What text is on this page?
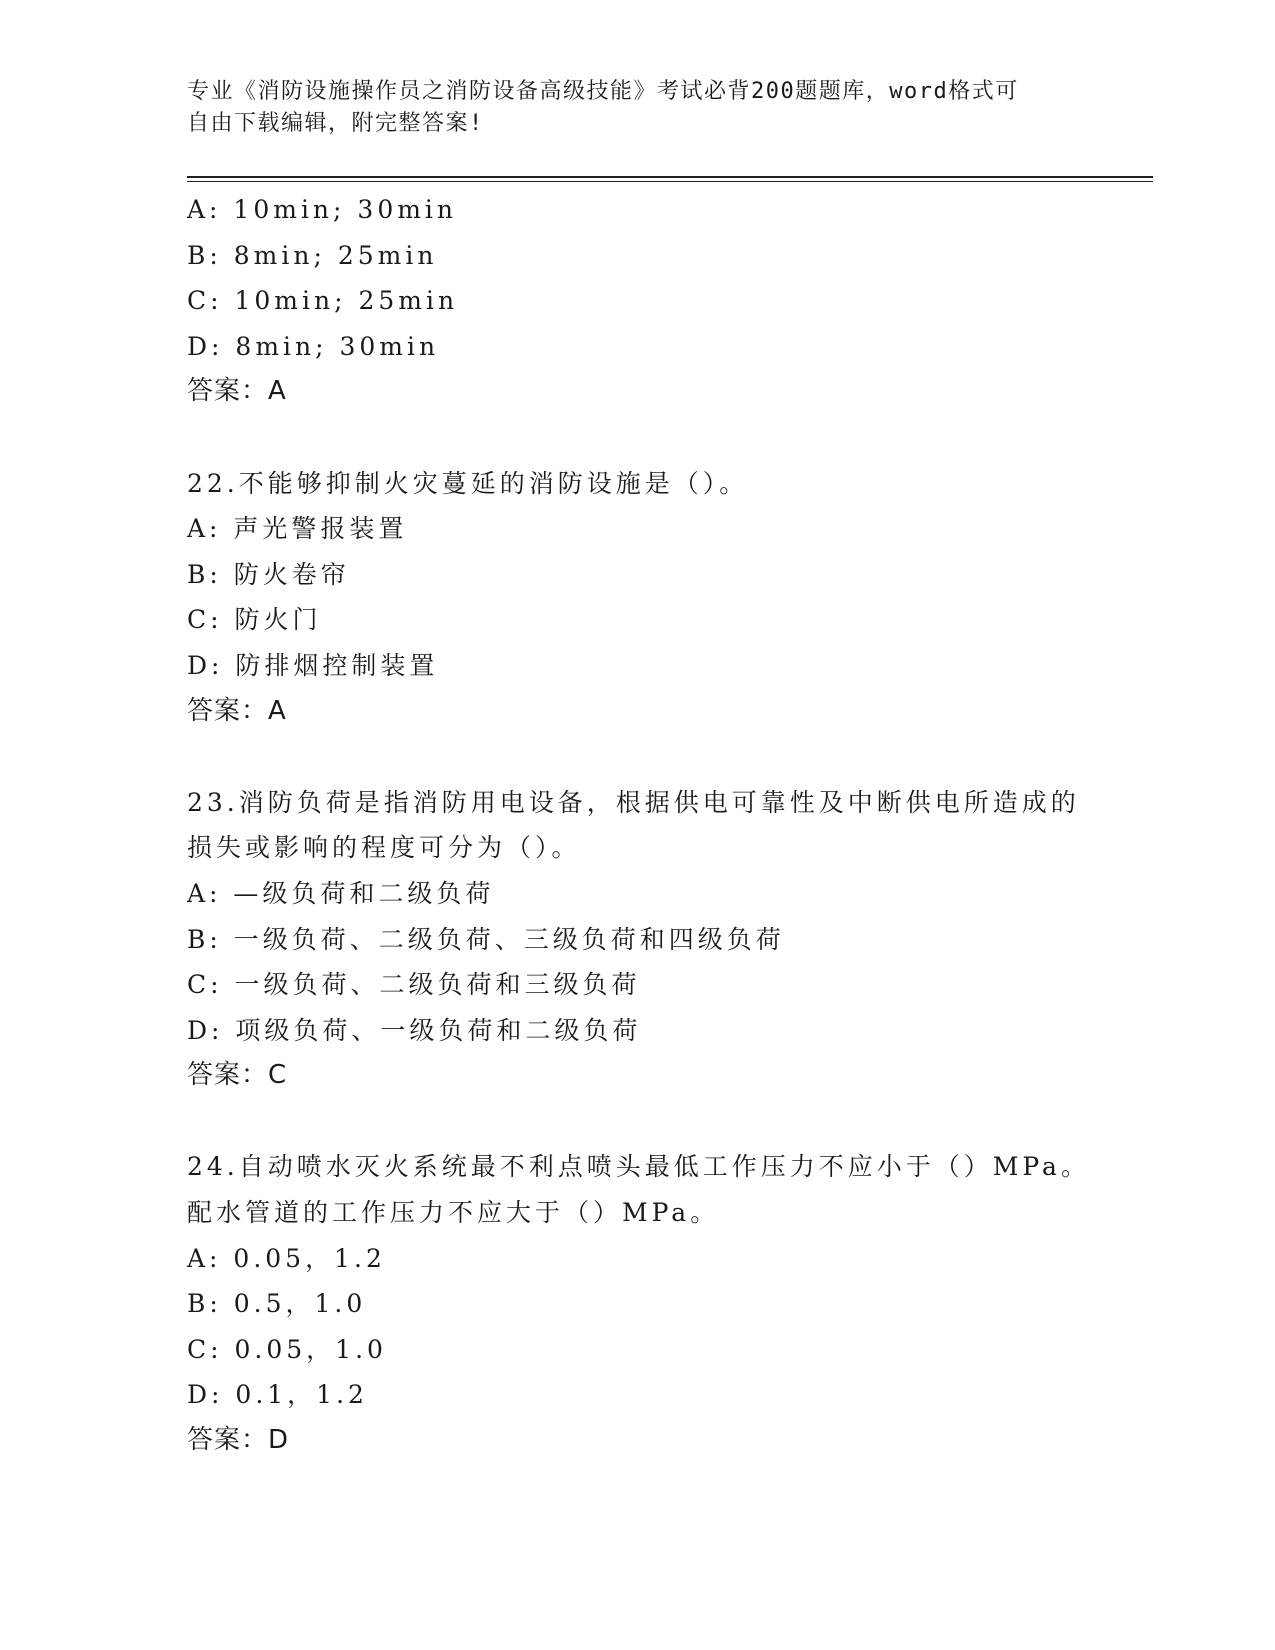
专业《消防设施操作员之消防设备高级技能》考试必背200题题库，word格式可
自由下载编辑，附完整答案!
A: 10min; 30min
B: 8min; 25min
C: 10min; 25min
D: 8min; 30min
答案：A
22.不能够抑制火灾蔓延的消防设施是（）。
A: 声光警报装置
B: 防火卷帘
C: 防火门
D: 防排烟控制装置
答案：A
23.消防负荷是指消防用电设备，根据供电可靠性及中断供电所造成的
损失或影响的程度可分为（）。
A: —级负荷和二级负荷
B: 一级负荷、二级负荷、三级负荷和四级负荷
C: 一级负荷、二级负荷和三级负荷
D: 项级负荷、一级负荷和二级负荷
答案：C
24.自动喷水灭火系统最不利点喷头最低工作压力不应小于（）MPa。
配水管道的工作压力不应大于（）MPa。
A: 0.05，1.2
B: 0.5，1.0
C: 0.05，1.0
D: 0.1，1.2
答案：D
